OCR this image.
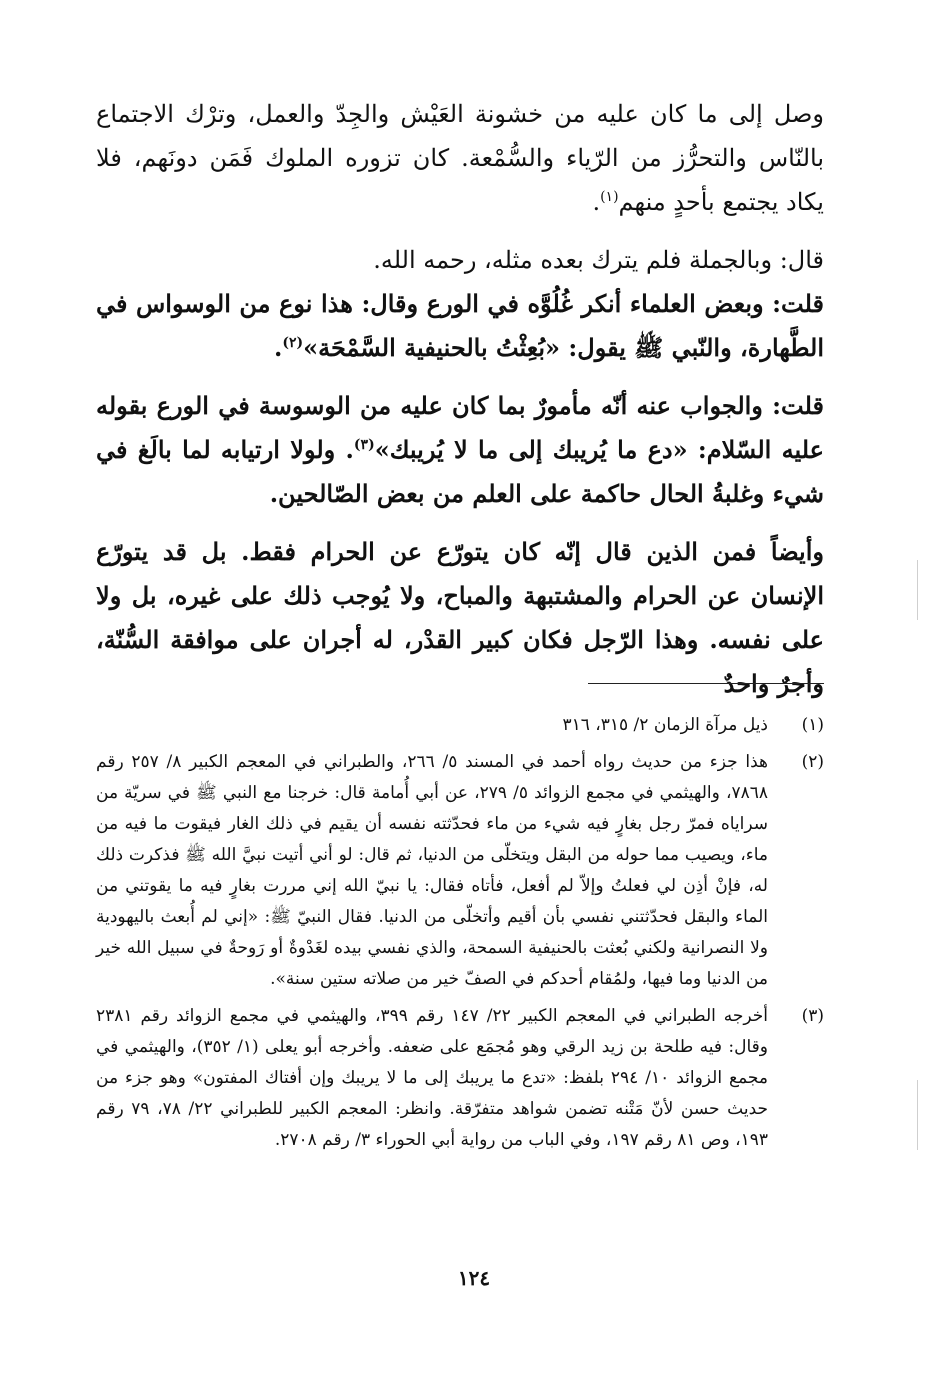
وصل إلى ما كان عليه من خشونة العَيْش والجِدّ والعمل، وترْك الاجتماع بالنّاس والتحرُّز من الرّياء والسُّمْعة. كان تزوره الملوك فَمَن دونَهم، فلا يكاد يجتمع بأحدٍ منهم$^{(١)}$.

قال: وبالجملة فلم يترك بعده مثله، رحمه الله.

قلت: وبعض العلماء أنكر غُلُوَّه في الورع وقال: هذا نوع من الوسواس في الطَّهارة، والنّبي ﷺ يقول: «بُعِثْتُ بالحنيفية السَّمْحَة»$^{(٢)}$.

قلت: والجواب عنه أنّه مأمورٌ بما كان عليه من الوسوسة في الورع بقوله عليه السّلام: «دع ما يُريبك إلى ما لا يُريبك»$^{(٣)}$. ولولا ارتيابه لما بالَغ في شيء وغلبةُ الحال حاكمة على العلم من بعض الصّالحين.

وأيضاً فمن الذين قال إنّه كان يتورّع عن الحرام فقط. بل قد يتورّع الإنسان عن الحرام والمشتبهة والمباح، ولا يُوجب ذلك على غيره، بل ولا على نفسه. وهذا الرّجل فكان كبير القدْر، له أجران على موافقة السُّنّة، وأجرٌ واحدٌ

(١)
ذيل مرآة الزمان ٢/ ٣١٥، ٣١٦
(٢)
هذا جزء من حديث رواه أحمد في المسند ٥/ ٢٦٦، والطبراني في المعجم الكبير ٨/ ٢٥٧ رقم ٧٨٦٨، والهيثمي في مجمع الزوائد ٥/ ٢٧٩، عن أبي أُمامة قال: خرجنا مع النبي ﷺ في سريّة من سراياه فمرّ رجل بغارٍ فيه شيء من ماء فحدّثته نفسه أن يقيم في ذلك الغار فيقوت ما فيه من ماء، ويصيب مما حوله من البقل ويتخلّى من الدنيا، ثم قال: لو أني أتيت نبيَّ الله ﷺ فذكرت ذلك له، فإنْ أذِن لي فعلتُ وإلاّ لم أفعل، فأتاه فقال: يا نبيّ الله إني مررت بغارٍ فيه ما يقوتني من الماء والبقل فحدّثتني نفسي بأن أقيم وأتخلّى من الدنيا. فقال النبيّ ﷺ: «إني لم أُبعث باليهودية ولا النصرانية ولكني بُعثت بالحنيفية السمحة، والذي نفسي بيده لغَدْوةٌ أو رَوحةٌ في سبيل الله خير من الدنيا وما فيها، ولمُقام أحدكم في الصفّ خير من صلاته ستين سنة».
(٣)
أخرجه الطبراني في المعجم الكبير ٢٢/ ١٤٧ رقم ٣٩٩، والهيثمي في مجمع الزوائد رقم ٢٣٨١ وقال: فيه طلحة بن زيد الرقي وهو مُجمَع على ضعفه. وأخرجه أبو يعلى (١/ ٣٥٢)، والهيثمي في مجمع الزوائد ١٠/ ٢٩٤ بلفظ: «تدع ما يريبك إلى ما لا يريبك وإن أفتاك المفتون» وهو جزء من حديث حسن لأنّ مَتْنه تضمن شواهد متفرّقة. وانظر: المعجم الكبير للطبراني ٢٢/ ٧٨، ٧٩ رقم ١٩٣، وص ٨١ رقم ١٩٧، وفي الباب من رواية أبي الحوراء ٣/ رقم ٢٧٠٨.
١٢٤
